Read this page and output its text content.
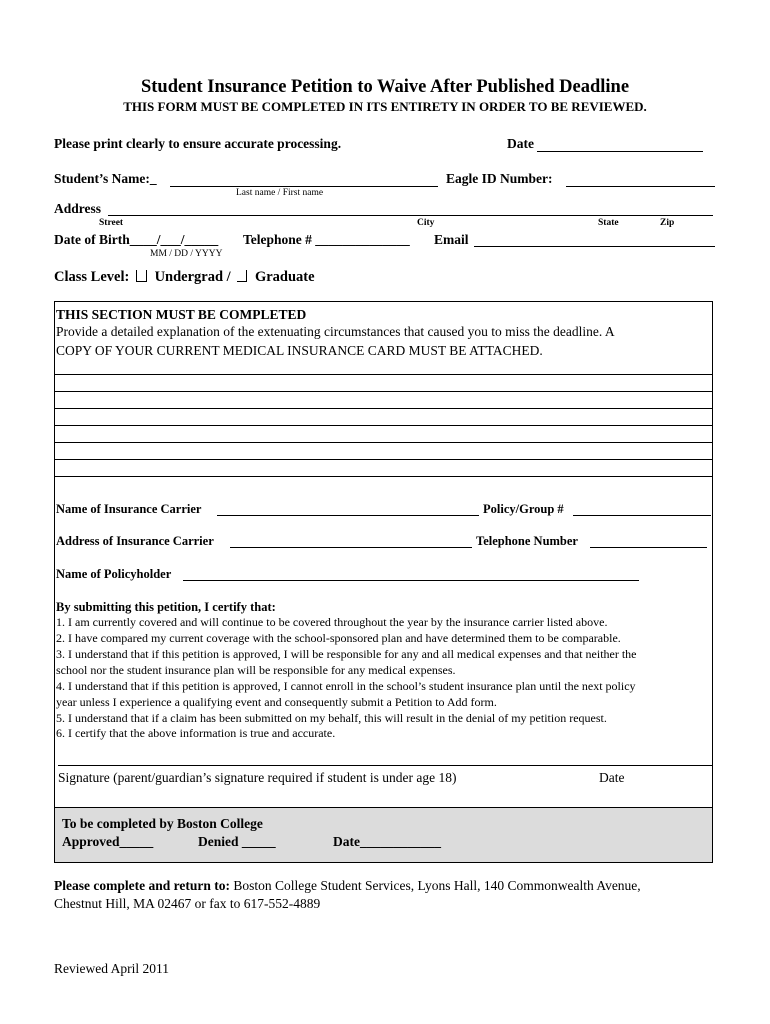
Student Insurance Petition to Waive After Published Deadline
THIS FORM MUST BE COMPLETED IN ITS ENTIRETY IN ORDER TO BE REVIEWED.
Please print clearly to ensure accurate processing.	Date
Student’s Name:_	Eagle ID Number:
Last name / First name
Address
Street	City	State	Zip
Date of Birth____/___/_____ Telephone # ______________ Email
MM / DD / YYYY
Class Level: Undergrad / Graduate
THIS SECTION MUST BE COMPLETED
Provide a detailed explanation of the extenuating circumstances that caused you to miss the deadline. A
COPY OF YOUR CURRENT MEDICAL INSURANCE CARD MUST BE ATTACHED.
Name of Insurance Carrier	Policy/Group #
Address of Insurance Carrier	Telephone Number
Name of Policyholder
By submitting this petition, I certify that:
1. I am currently covered and will continue to be covered throughout the year by the insurance carrier listed above.
2. I have compared my current coverage with the school-sponsored plan and have determined them to be comparable.
3. I understand that if this petition is approved, I will be responsible for any and all medical expenses and that neither the
school nor the student insurance plan will be responsible for any medical expenses.
4. I understand that if this petition is approved, I cannot enroll in the school’s student insurance plan until the next policy
year unless I experience a qualifying event and consequently submit a Petition to Add form.
5. I understand that if a claim has been submitted on my behalf, this will result in the denial of my petition request.
6. I certify that the above information is true and accurate.
Signature (parent/guardian’s signature required if student is under age 18)	Date
To be completed by Boston College
Approved_____	Denied _____	Date____________
Please complete and return to: Boston College Student Services, Lyons Hall, 140 Commonwealth Avenue,
Chestnut Hill, MA 02467 or fax to 617-552-4889
Reviewed April 2011
